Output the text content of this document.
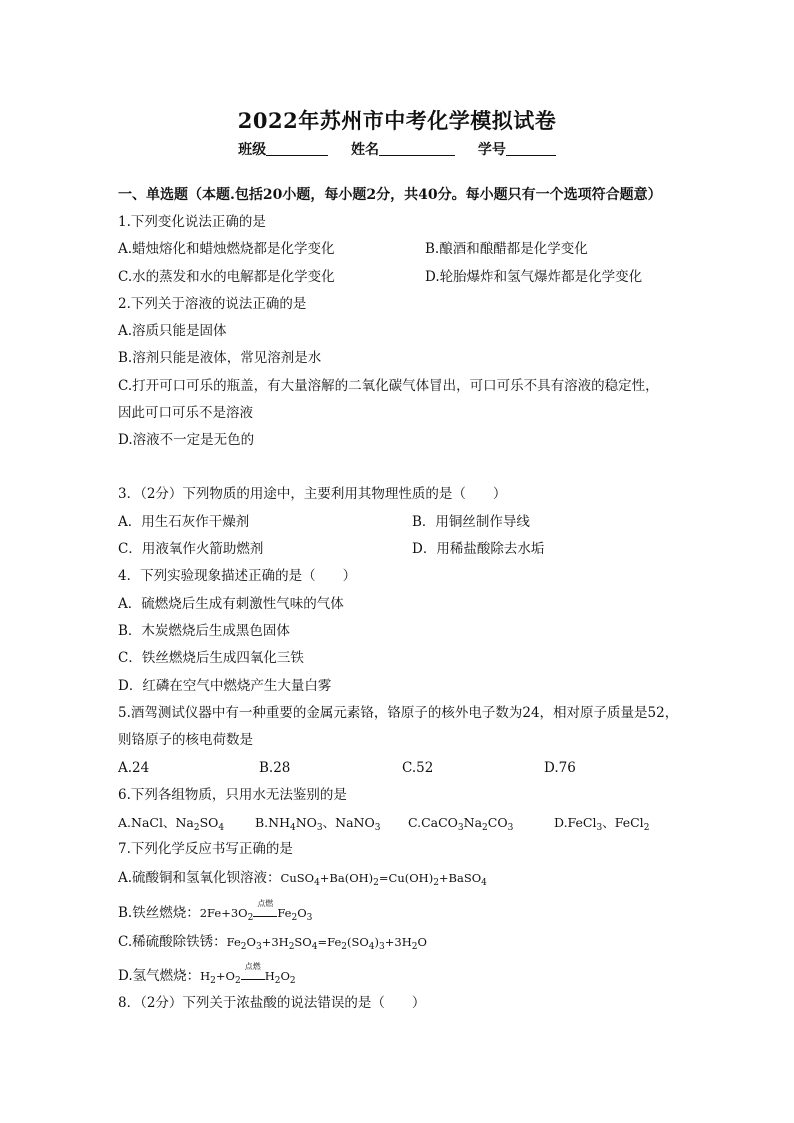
2022年苏州市中考化学模拟试卷
班级	姓名	学号
一、单选题（本题.包括20小题，每小题2分，共40分。每小题只有一个选项符合题意）
1.下列变化说法正确的是
A.蜡烛熔化和蜡烛燃烧都是化学变化	B.酿酒和酿醋都是化学变化
C.水的蒸发和水的电解都是化学变化	D.轮胎爆炸和氢气爆炸都是化学变化
2.下列关于溶液的说法正确的是
A.溶质只能是固体
B.溶剂只能是液体，常见溶剂是水
C.打开可口可乐的瓶盖，有大量溶解的二氧化碳气体冒出，可口可乐不具有溶液的稳定性，
因此可口可乐不是溶液
D.溶液不一定是无色的
3．（2分）下列物质的用途中，主要利用其物理性质的是（　　）
A．用生石灰作干燥剂	B．用铜丝制作导线
C．用液氧作火箭助燃剂	D．用稀盐酸除去水垢
4．下列实验现象描述正确的是（　　）
A．硫燃烧后生成有刺激性气味的气体
B．木炭燃烧后生成黑色固体
C．铁丝燃烧后生成四氧化三铁
D．红磷在空气中燃烧产生大量白雾
5.酒驾测试仪器中有一种重要的金属元素铬，铬原子的核外电子数为24，相对原子质量是52，
则铬原子的核电荷数是
A.24	B.28	C.52	D.76
6.下列各组物质，只用水无法鉴别的是
A.NaCl、$Na_2SO_4$ $B.NH_4NO_3$、NaNO$_3$ $C.CaCO_3Na_2CO_3$	D.FeCl$_3$、FeCl$_2$
7.下列化学反应书写正确的是
A.硫酸铜和氢氧化钡溶液：$CuSO_4+Ba(OH)_2=Cu(OH)_2+BaSO_4$
B.铁丝燃烧：$2Fe+3O_2$
点燃
$Fe_2O_3$
C.稀硫酸除铁锈：$Fe_2O_3+3H_2SO_4=Fe_2(SO_4)_3+3H_2O$
D.氢气燃烧：$H_2+O_2$
点燃
$H_2O_2$
8．（2分）下列关于浓盐酸的说法错误的是（　　）
